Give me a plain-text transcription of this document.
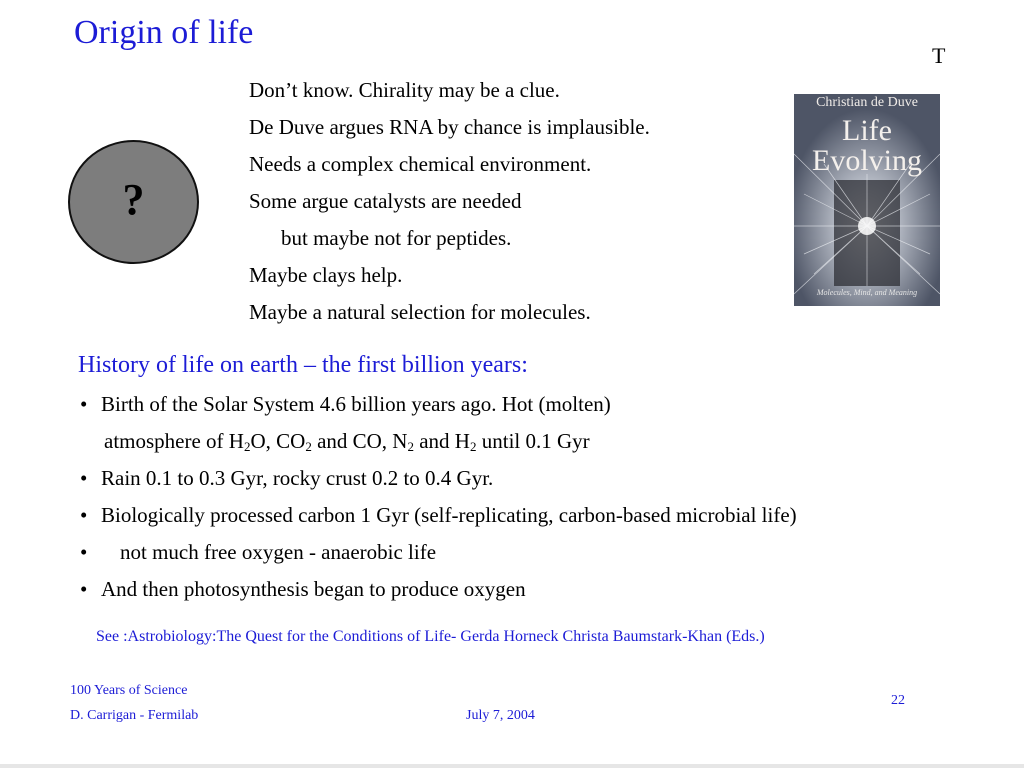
Origin of life
T
?
Don’t know. Chirality may be a clue.
De Duve argues RNA by chance is implausible.
Needs a complex chemical environment.
Some argue catalysts are needed
but maybe not for peptides.
Maybe clays help.
Maybe a natural selection for molecules.
Christian de Duve
Life
Evolving
Molecules, Mind, and Meaning
History of life on earth – the first billion years:
• Birth of the Solar System 4.6 billion years ago. Hot (molten)
atmosphere of $H_2O$, $CO_2$ and CO, $N_2$ and $H_2$ until 0.1 Gyr
• Rain 0.1 to 0.3 Gyr, rocky crust 0.2 to 0.4 Gyr.
• Biologically processed carbon 1 Gyr (self-replicating, carbon-based microbial life)
• not much free oxygen - anaerobic life
• And then photosynthesis began to produce oxygen
See :Astrobiology:The Quest for the Conditions of Life- Gerda Horneck Christa Baumstark-Khan (Eds.)
100 Years of Science
D. Carrigan - Fermilab	July 7, 2004
22
